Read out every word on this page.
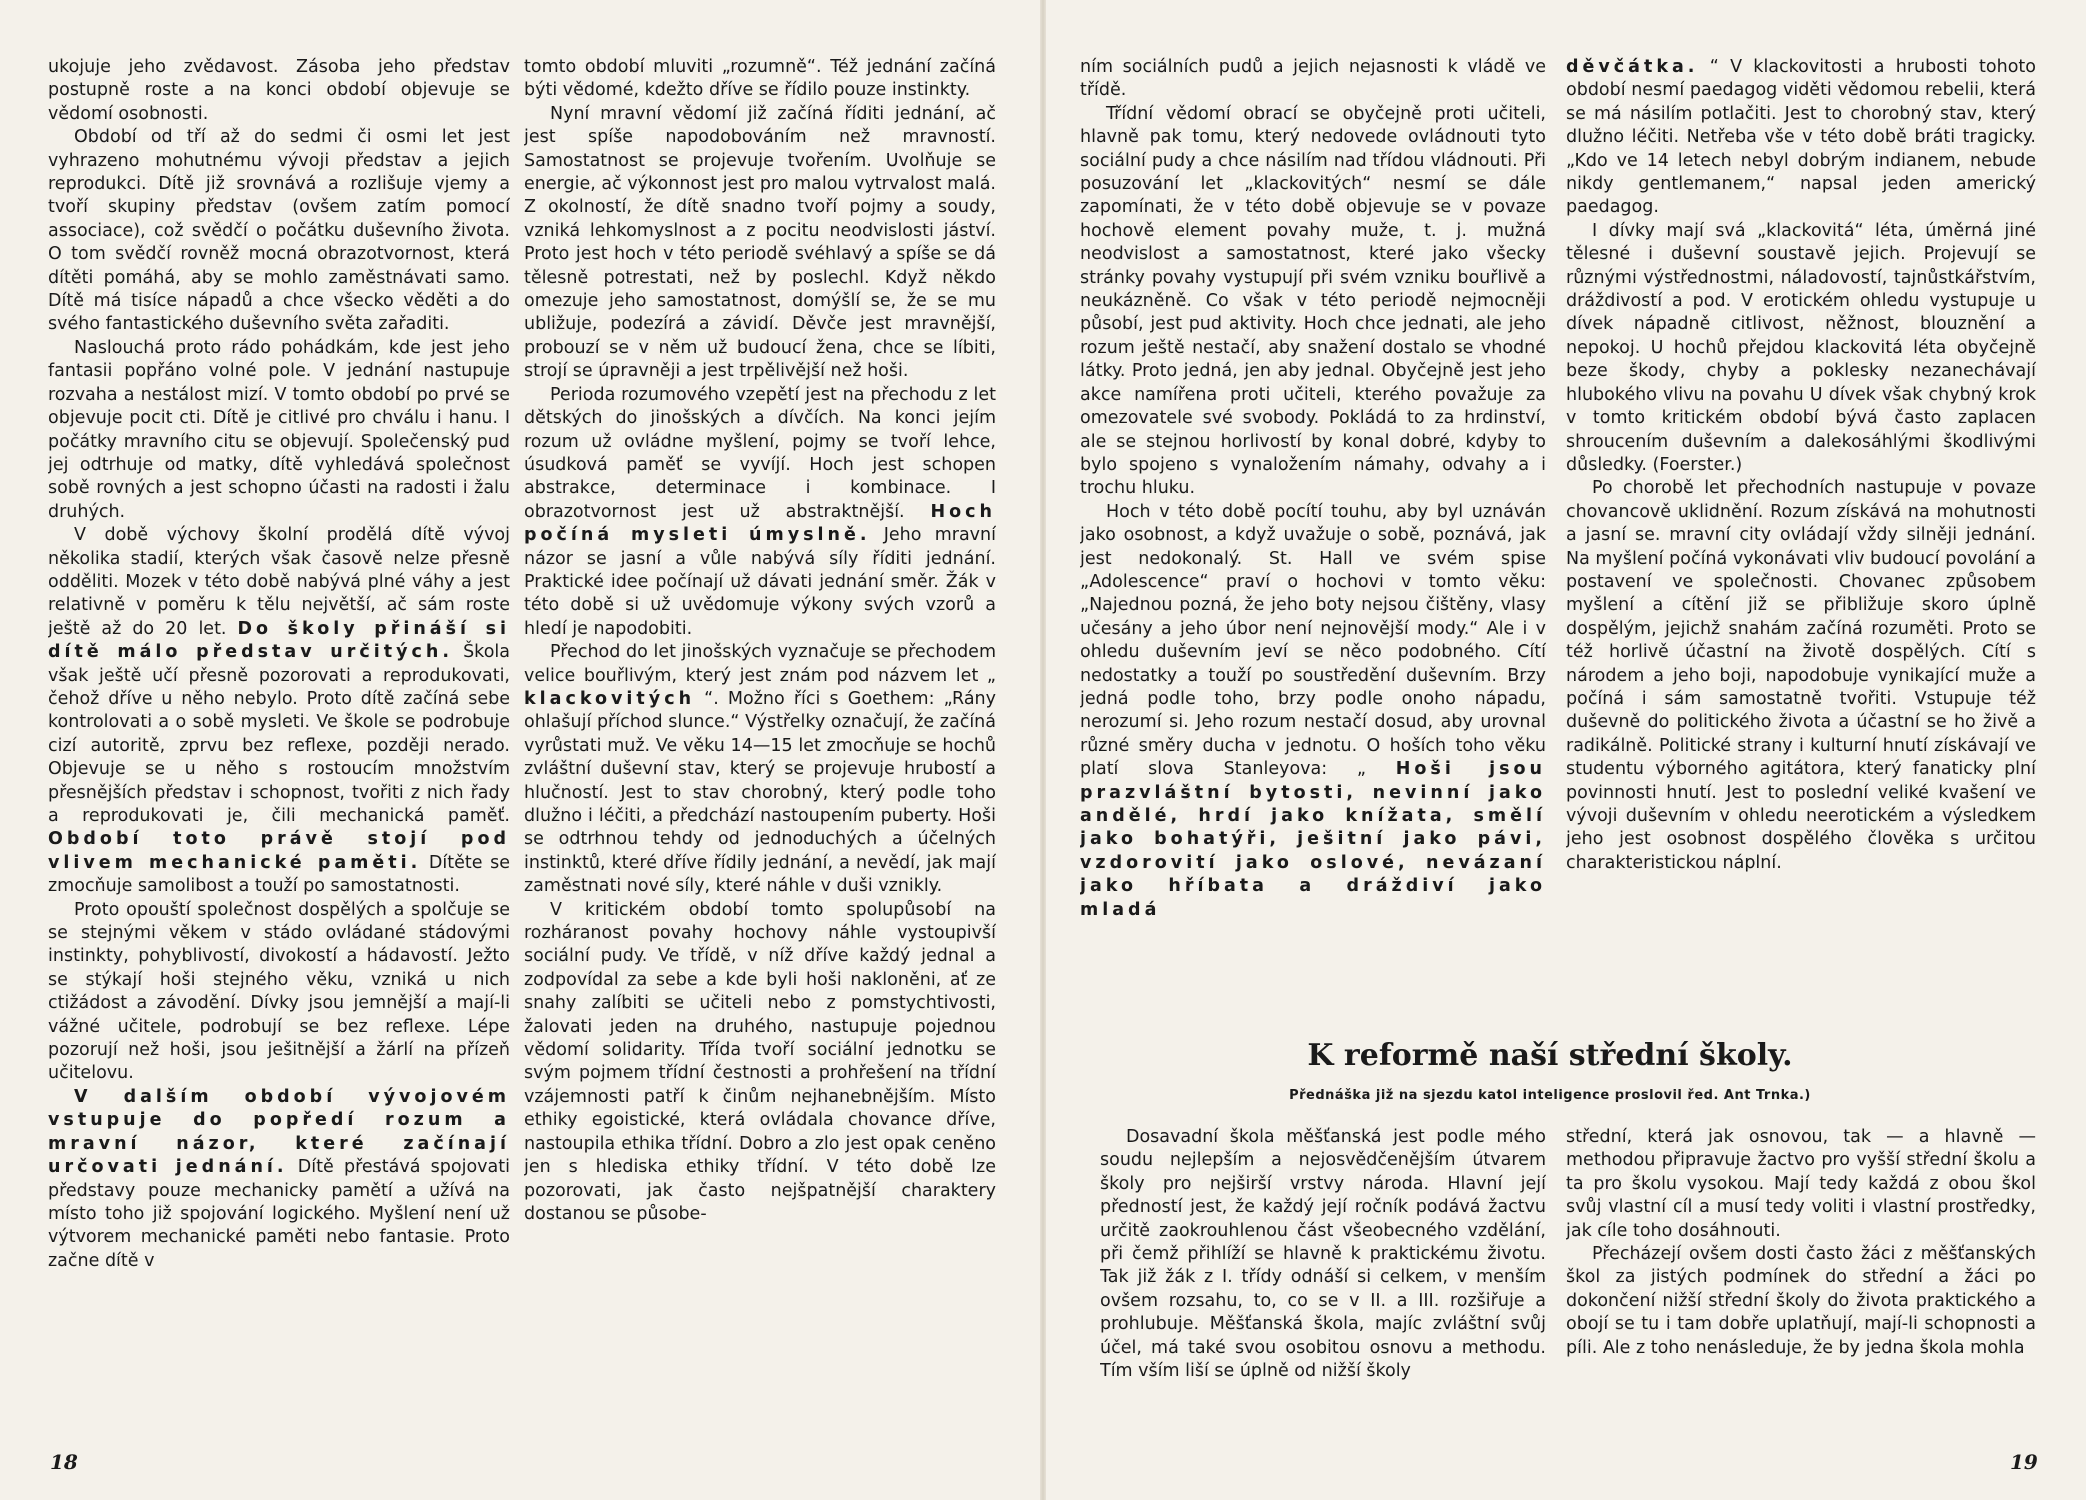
ukojuje jeho zvědavost. Zásoba jeho představ postupně roste a na konci období objevuje se vědomí osobnosti.

Období od tří až do sedmi či osmi let jest vyhrazeno mohutnému vývoji představ a jejich reprodukci. Dítě již srovnává a rozlišuje vjemy a tvoří skupiny představ (ovšem zatím pomocí associace), což svědčí o počátku duševního života. O tom svědčí rovněž mocná obrazotvornost, která dítěti pomáhá, aby se mohlo zaměstnávati samo. Dítě má tisíce nápadů a chce všecko věděti a do svého fantastického duševního světa zařaditi.

Naslouchá proto rádo pohádkám, kde jest jeho fantasii popřáno volné pole. V jednání nastupuje rozvaha a nestálost mizí. V tomto období po prvé se objevuje pocit cti. Dítě je citlivé pro chválu i hanu. I počátky mravního citu se objevují. Společenský pud jej odtrhuje od matky, dítě vyhledává společnost sobě rovných a jest schopno účasti na radosti i žalu druhých.

V době výchovy školní prodělá dítě vývoj několika stadií, kterých však časově nelze přesně odděliti. Mozek v této době nabývá plné váhy a jest relativně v poměru k tělu největší, ač sám roste ještě až do 20 let. Do školy přináší si dítě málo představ určitých. Škola však ještě učí přesně pozorovati a reprodukovati, čehož dříve u něho nebylo. Proto dítě začíná sebe kontrolovati a o sobě mysleti. Ve škole se podrobuje cizí autoritě, zprvu bez reflexe, později nerado. Objevuje se u něho s rostoucím množstvím přesnějších představ i schopnost, tvořiti z nich řady a reprodukovati je, čili mechanická paměť. Období toto právě stojí pod vlivem mechanické paměti. Dítěte se zmocňuje samolibost a touží po samostatnosti.

Proto opouští společnost dospělých a spolčuje se se stejnými věkem v stádo ovládané stádovými instinkty, pohyblivostí, divokostí a hádavostí. Ježto se stýkají hoši stejného věku, vzniká u nich ctižádost a závodění. Dívky jsou jemnější a mají-li vážné učitele, podrobují se bez reflexe. Lépe pozorují než hoši, jsou ješitnější a žárlí na přízeň učitelovu.

V dalším období vývojovém vstupuje do popředí rozum a mravní názor, které začínají určovati jednání. Dítě přestává spojovati představy pouze mechanicky pamětí a užívá na místo toho již spojování logického. Myšlení není už výtvorem mechanické paměti nebo fantasie. Proto začne dítě v

tomto období mluviti „rozumně“. Též jednání začíná býti vědomé, kdežto dříve se řídilo pouze instinkty.

Nyní mravní vědomí již začíná říditi jednání, ač jest spíše napodobováním než mravností. Samostatnost se projevuje tvořením. Uvolňuje se energie, ač výkonnost jest pro malou vytrvalost malá. Z okolností, že dítě snadno tvoří pojmy a soudy, vzniká lehkomyslnost a z pocitu neodvislosti jáství. Proto jest hoch v této periodě svéhlavý a spíše se dá tělesně potrestati, než by poslechl. Když někdo omezuje jeho samostatnost, domýšlí se, že se mu ubližuje, podezírá a závidí. Děvče jest mravnější, probouzí se v něm už budoucí žena, chce se líbiti, strojí se úpravněji a jest trpělivější než hoši.

Perioda rozumového vzepětí jest na přechodu z let dětských do jinošských a dívčích. Na konci jejím rozum už ovládne myšlení, pojmy se tvoří lehce, úsudková paměť se vyvíjí. Hoch jest schopen abstrakce, determinace i kombinace. I obrazotvornost jest už abstraktnější. Hoch počíná mysleti úmyslně. Jeho mravní názor se jasní a vůle nabývá síly říditi jednání. Praktické idee počínají už dávati jednání směr. Žák v této době si už uvědomuje výkony svých vzorů a hledí je napodobiti.

Přechod do let jinošských vyznačuje se přechodem velice bouřlivým, který jest znám pod názvem let „ klackovitých “. Možno říci s Goethem: „Rány ohlašují příchod slunce.“ Výstřelky označují, že začíná vyrůstati muž. Ve věku 14—15 let zmocňuje se hochů zvláštní duševní stav, který se projevuje hrubostí a hlučností. Jest to stav chorobný, který podle toho dlužno i léčiti, a předchází nastoupením puberty. Hoši se odtrhnou tehdy od jednoduchých a účelných instinktů, které dříve řídily jednání, a nevědí, jak mají zaměstnati nové síly, které náhle v duši vznikly.

V kritickém období tomto spolupůsobí na rozháranost povahy hochovy náhle vystoupivší sociální pudy. Ve třídě, v níž dříve každý jednal a zodpovídal za sebe a kde byli hoši nakloněni, ať ze snahy zalíbiti se učiteli nebo z pomstychtivosti, žalovati jeden na druhého, nastupuje pojednou vědomí solidarity. Třída tvoří sociální jednotku se svým pojmem třídní čestnosti a prohřešení na třídní vzájemnosti patří k činům nejhanebnějším. Místo ethiky egoistické, která ovládala chovance dříve, nastoupila ethika třídní. Dobro a zlo jest opak ceněno jen s hlediska ethiky třídní. V této době lze pozorovati, jak často nejšpatnější charaktery dostanou se působe-

18

ním sociálních pudů a jejich nejasnosti k vládě ve třídě.

Třídní vědomí obrací se obyčejně proti učiteli, hlavně pak tomu, který nedovede ovládnouti tyto sociální pudy a chce násilím nad třídou vládnouti. Při posuzování let „klackovitých“ nesmí se dále zapomínati, že v této době objevuje se v povaze hochově element povahy muže, t. j. mužná neodvislost a samostatnost, které jako všecky stránky povahy vystupují při svém vzniku bouřlivě a neukázněně. Co však v této periodě nejmocněji působí, jest pud aktivity. Hoch chce jednati, ale jeho rozum ještě nestačí, aby snažení dostalo se vhodné látky. Proto jedná, jen aby jednal. Obyčejně jest jeho akce namířena proti učiteli, kterého považuje za omezovatele své svobody. Pokládá to za hrdinství, ale se stejnou horlivostí by konal dobré, kdyby to bylo spojeno s vynaložením námahy, odvahy a i trochu hluku.

Hoch v této době pocítí touhu, aby byl uznáván jako osobnost, a když uvažuje o sobě, poznává, jak jest nedokonalý. St. Hall ve svém spise „Adolescence“ praví o hochovi v tomto věku: „Najednou pozná, že jeho boty nejsou čištěny, vlasy učesány a jeho úbor není nejnovější mody.“ Ale i v ohledu duševním jeví se něco podobného. Cítí nedostatky a touží po soustředění duševním. Brzy jedná podle toho, brzy podle onoho nápadu, nerozumí si. Jeho rozum nestačí dosud, aby urovnal různé směry ducha v jednotu. O hoších toho věku platí slova Stanleyova: „ Hoši jsou prazvláštní bytosti, nevinní jako andělé, hrdí jako knížata, smělí jako bohatýři, ješitní jako pávi, vzdorovití jako oslové, nevázaní jako hříbata a dráždiví jako mladá

děvčátka. “ V klackovitosti a hrubosti tohoto období nesmí paedagog viděti vědomou rebelii, která se má násilím potlačiti. Jest to chorobný stav, který dlužno léčiti. Netřeba vše v této době bráti tragicky. „Kdo ve 14 letech nebyl dobrým indianem, nebude nikdy gentlemanem,“ napsal jeden americký paedagog.

I dívky mají svá „klackovitá“ léta, úměrná jiné tělesné i duševní soustavě jejich. Projevují se různými výstřednostmi, náladovostí, tajnůstkářstvím, dráždivostí a pod. V erotickém ohledu vystupuje u dívek nápadně citlivost, něžnost, blouznění a nepokoj. U hochů přejdou klackovitá léta obyčejně beze škody, chyby a poklesky nezanechávají hlubokého vlivu na povahu U dívek však chybný krok v tomto kritickém období bývá často zaplacen shroucením duševním a dalekosáhlými škodlivými důsledky. (Foerster.)

Po chorobě let přechodních nastupuje v povaze chovancově uklidnění. Rozum získává na mohutnosti a jasní se. mravní city ovládají vždy silněji jednání. Na myšlení počíná vykonávati vliv budoucí povolání a postavení ve společnosti. Chovanec způsobem myšlení a cítění již se přibližuje skoro úplně dospělým, jejichž snahám začíná rozuměti. Proto se též horlivě účastní na životě dospělých. Cítí s národem a jeho boji, napodobuje vynikající muže a počíná i sám samostatně tvořiti. Vstupuje též duševně do politického života a účastní se ho živě a radikálně. Politické strany i kulturní hnutí získávají ve studentu výborného agitátora, který fanaticky plní povinnosti hnutí. Jest to poslední veliké kvašení ve vývoji duševním v ohledu neerotickém a výsledkem jeho jest osobnost dospělého člověka s určitou charakteristickou náplní.

K reformě naší střední školy.
Přednáška již na sjezdu katol inteligence proslovil řed. Ant Trnka.)

Dosavadní škola měšťanská jest podle mého soudu nejlepším a nejosvědčenějším útvarem školy pro nejširší vrstvy národa. Hlavní její předností jest, že každý její ročník podává žactvu určitě zaokrouhlenou část všeobecného vzdělání, při čemž přihlíží se hlavně k praktickému životu. Tak již žák z I. třídy odnáší si celkem, v menším ovšem rozsahu, to, co se v II. a III. rozšiřuje a prohlubuje. Měšťanská škola, majíc zvláštní svůj účel, má také svou osobitou osnovu a methodu. Tím vším liší se úplně od nižší školy

střední, která jak osnovou, tak — a hlavně — methodou připravuje žactvo pro vyšší střední školu a ta pro školu vysokou. Mají tedy každá z obou škol svůj vlastní cíl a musí tedy voliti i vlastní prostředky, jak cíle toho dosáhnouti.

Přecházejí ovšem dosti často žáci z měšťanských škol za jistých podmínek do střední a žáci po dokončení nižší střední školy do života praktického a obojí se tu i tam dobře uplatňují, mají-li schopnosti a píli. Ale z toho nenásleduje, že by jedna škola mohla

19
